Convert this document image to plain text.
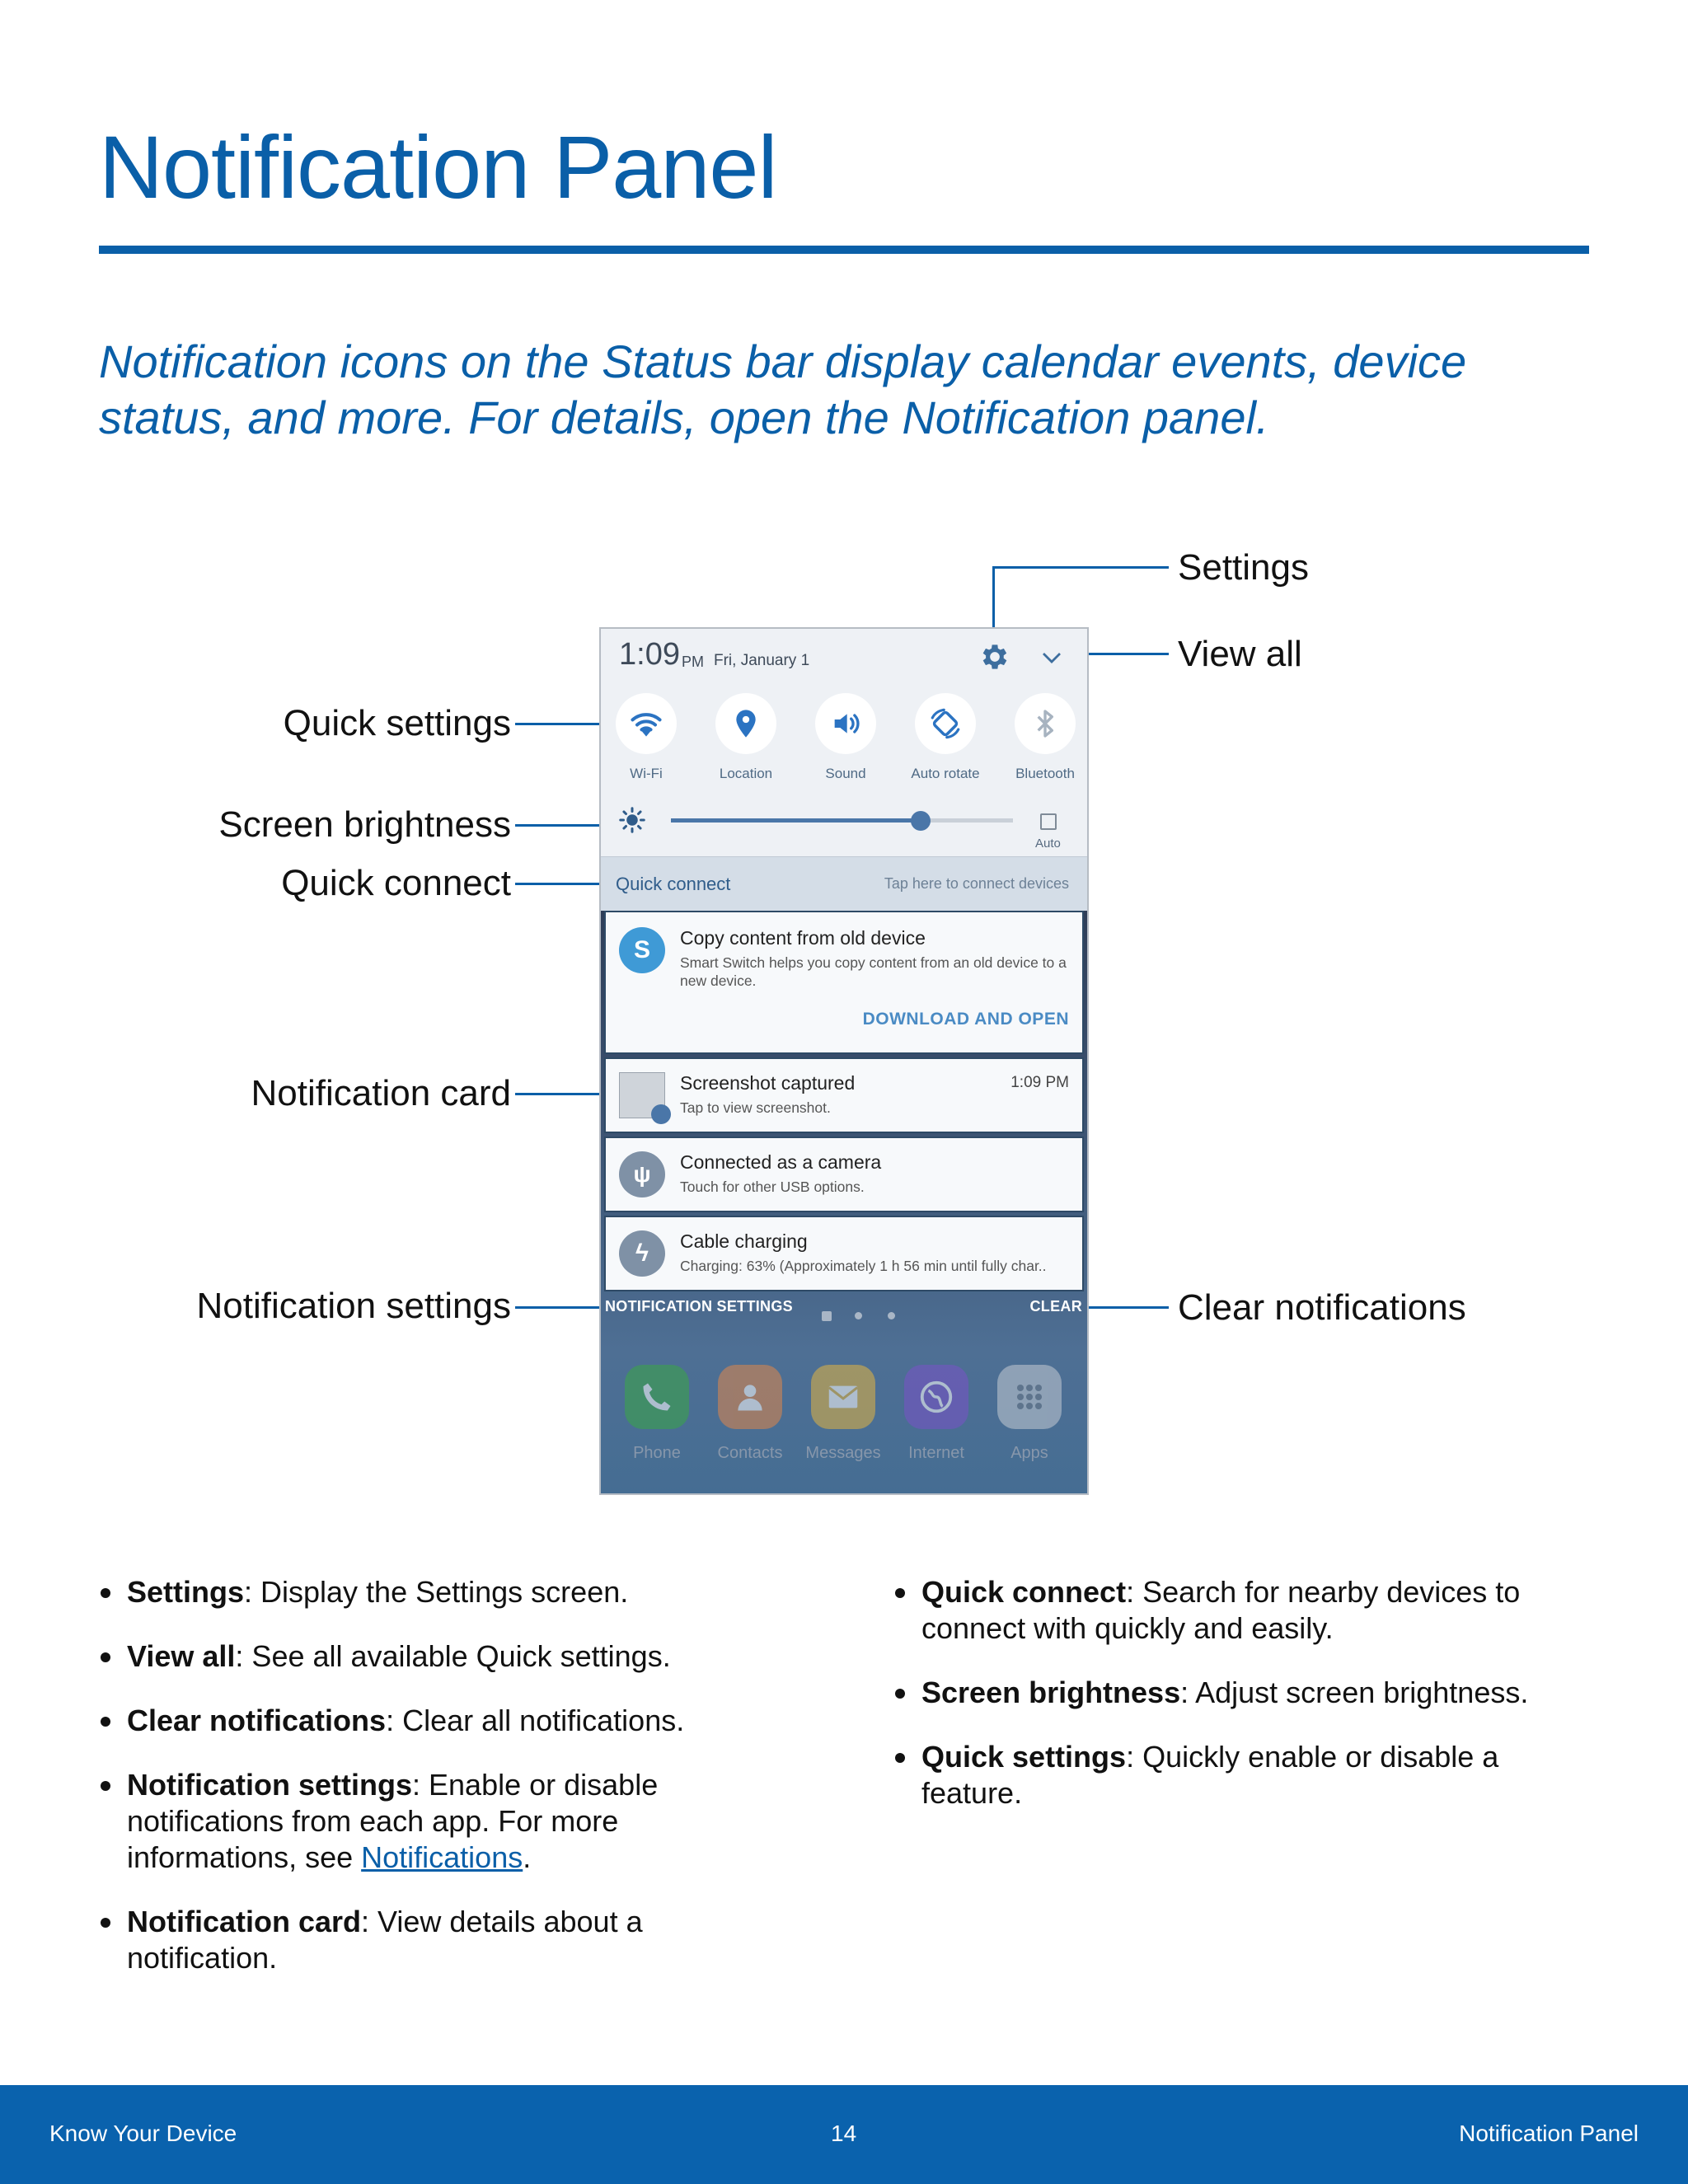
Notification Panel
Notification icons on the Status bar display calendar events, device status, and more. For details, open the Notification panel.
Settings
View all
Quick settings
Screen brightness
Quick connect
Notification card
Notification settings	Clear notifications
1:09 PM Fri, January 1
Wi-Fi	Location	Sound	Auto rotate	Bluetooth
Auto
Quick connect	Tap here to connect devices
S	Copy content from old device
Smart Switch helps you copy content from an old device to a new device.
DOWNLOAD AND OPEN
Screenshot captured
Tap to view screenshot.
1:09 PM
ψ	Connected as a camera
Touch for other USB options.
ϟ	Cable charging
Charging: 63% (Approximately 1 h 56 min until fully char..
NOTIFICATION SETTINGS	CLEAR
Phone	Contacts	Messages	Internet	Apps
Settings: Display the Settings screen.
View all: See all available Quick settings.
Clear notifications: Clear all notifications.
Notification settings: Enable or disable notifications from each app. For more informations, see Notifications.
Notification card: View details about a notification.
Quick connect: Search for nearby devices to connect with quickly and easily.
Screen brightness: Adjust screen brightness.
Quick settings: Quickly enable or disable a feature.
Know Your Device	14	Notification Panel
